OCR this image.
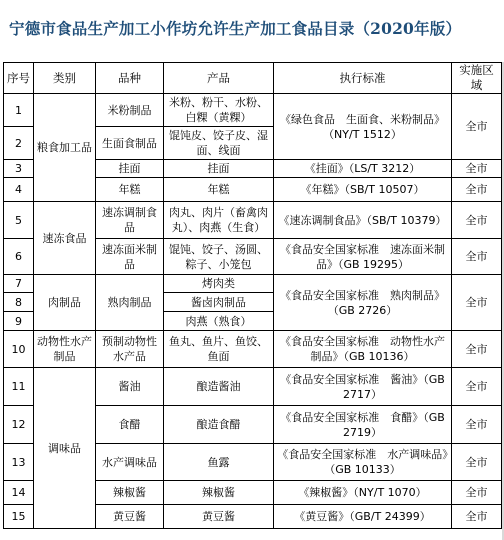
宁德市食品生产加工小作坊允许生产加工食品目录（2020年版）
序号	类别	品种	产品	执行标准	实施区域
1	粮食加工品	米粉制品	米粉、粉干、水粉、白粿（黄粿）	《绿色食品　生面食、米粉制品》（NY/T 1512）	全市
2		生面食制品	馄饨皮、饺子皮、湿面、线面		
3		挂面	挂面	《挂面》（LS/T 3212）	全市
4		年糕	年糕	《年糕》（SB/T 10507）	全市
5	速冻食品	速冻调制食品	肉丸、肉片（畜禽肉丸）、肉燕（生食）	《速冻调制食品》（SB/T 10379）	全市
6		速冻面米制品	馄饨、饺子、汤圆、粽子、小笼包	《食品安全国家标准　速冻面米制品》（GB 19295）	全市
7	肉制品	熟肉制品	烤肉类	《食品安全国家标准　熟肉制品》（GB 2726）	全市
8			酱卤肉制品		
9			肉燕（熟食）		
10	动物性水产制品	预制动物性水产品	鱼丸、鱼片、鱼饺、鱼面	《食品安全国家标准　动物性水产制品》（GB 10136）	全市
11	调味品	酱油	酿造酱油	《食品安全国家标准　酱油》（GB 2717）	全市
12		食醋	酿造食醋	《食品安全国家标准　食醋》（GB 2719）	全市
13		水产调味品	鱼露	《食品安全国家标准　水产调味品》（GB 10133）	全市
14		辣椒酱	辣椒酱	《辣椒酱》（NY/T 1070）	全市
15		黄豆酱	黄豆酱	《黄豆酱》（GB/T 24399）	全市
